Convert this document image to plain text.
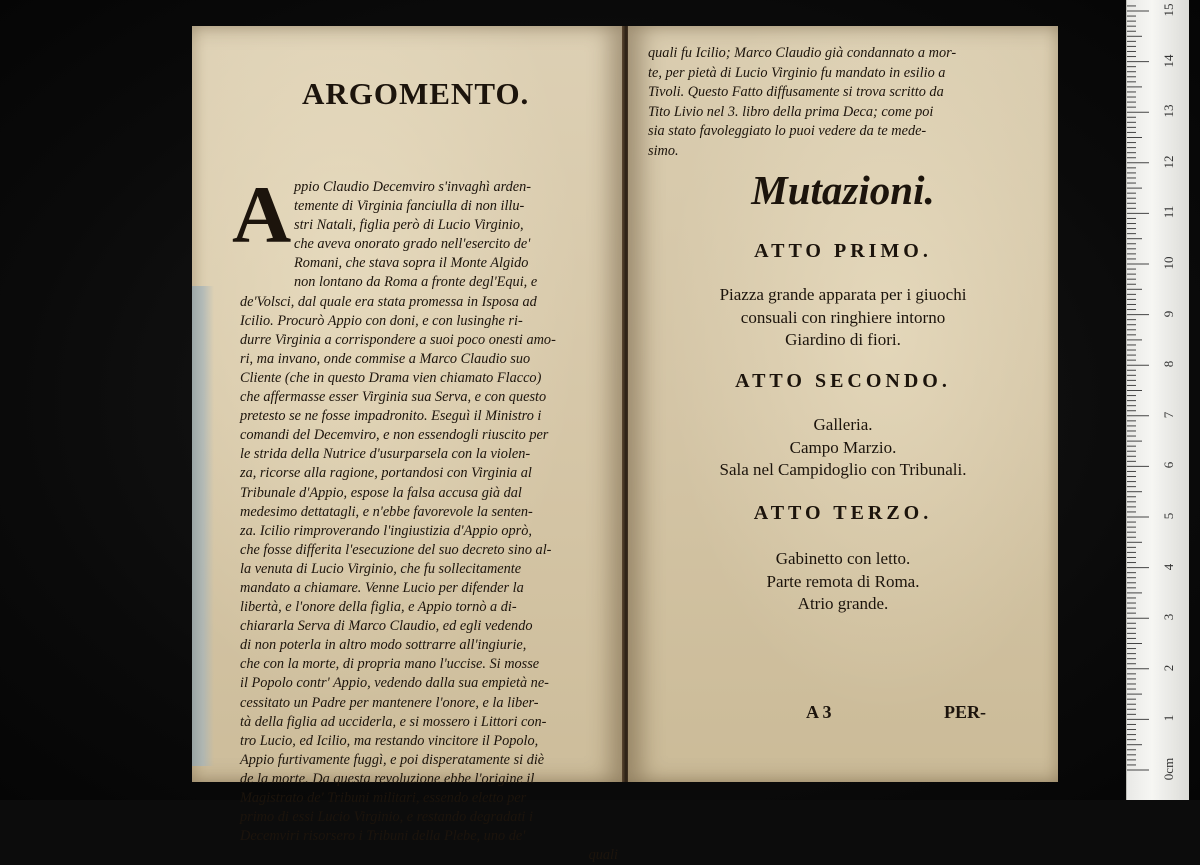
ARGOMENTO.
A ppio Claudio Decemviro s'invaghì arden-
temente di Virginia fanciulla di non illu-
stri Natali, figlia però di Lucio Virginio,
che aveva onorato grado nell'esercito de'
Romani, che stava sopra il Monte Algido
non lontano da Roma a fronte degl'Equi, e
de'Volsci, dal quale era stata promessa in Isposa ad
Icilio. Procurò Appio con doni, e con lusinghe ri-
durre Virginia a corrispondere a suoi poco onesti amo-
ri, ma invano, onde commise a Marco Claudio suo
Cliente (che in questo Drama vien chiamato Flacco)
che affermasse esser Virginia sua Serva, e con questo
pretesto se ne fosse impadronito. Eseguì il Ministro i
comandi del Decemviro, e non essendogli riuscito per
le strida della Nutrice d'usurparsela con la violen-
za, ricorse alla ragione, portandosi con Virginia al
Tribunale d'Appio, espose la falsa accusa già dal
medesimo dettatagli, e n'ebbe favorevole la senten-
za. Icilio rimproverando l'ingiustizia d'Appio oprò,
che fosse differita l'esecuzione del suo decreto sino al-
la venuta di Lucio Virginio, che fu sollecitamente
mandato a chiamare. Venne Lucio per difender la
libertà, e l'onore della figlia, e Appio tornò a di-
chiararla Serva di Marco Claudio, ed egli vedendo
di non poterla in altro modo sottrarre all'ingiurie,
che con la morte, di propria mano l'uccise. Si mosse
il Popolo contr' Appio, vedendo dalla sua empietà ne-
cessitato un Padre per mantenere l'onore, e la liber-
tà della figlia ad ucciderla, e si mossero i Littori con-
tro Lucio, ed Icilio, ma restando vincitore il Popolo,
Appio furtivamente fuggì, e poi disperatamente si diè
de la morte. Da questa revoluzione ebbe l'origine il
Magistrato de' Tribuni militari, essendo eletto per
primo di essi Lucio Virginio, e restando degradati i
Decemviri risorsero i Tribuni della Plebe, uno de'
quali
quali fu Icilio; Marco Claudio già condannato a mor-
te, per pietà di Lucio Virginio fu mandato in esilio a
Tivoli. Questo Fatto diffusamente si trova scritto da
Tito Livio nel 3. libro della prima Deca; come poi
sia stato favoleggiato lo puoi vedere da te mede-
simo.
Mutazioni.
ATTO PRIMO.
Piazza grande apparata per i giuochi
consuali con ringhiere intorno
Giardino di fiori.
ATTO SECONDO.
Galleria.
Campo Marzio.
Sala nel Campidoglio con Tribunali.
ATTO TERZO.
Gabinetto con letto.
Parte remota di Roma.
Atrio grande.
A 3	PER-
0cm
1
2
3
4
5
6
7
8
9
10
11
12
13
14
15
